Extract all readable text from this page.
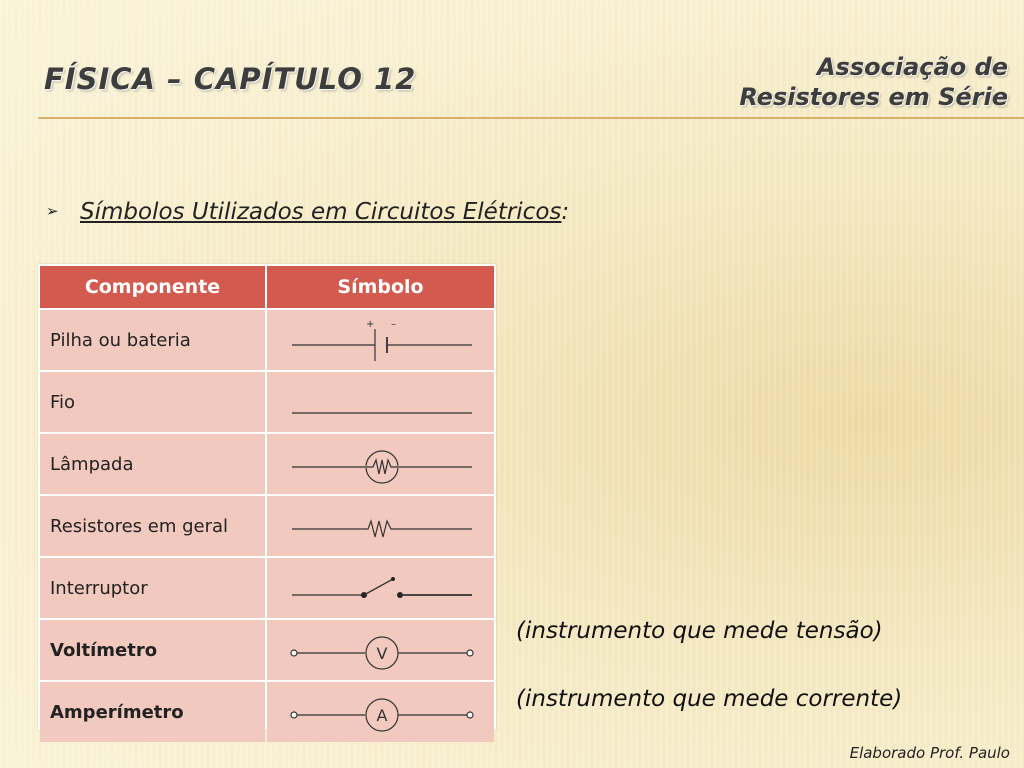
FÍSICA – CAPÍTULO 12	Associação de
Resistores em Série
➢ Símbolos Utilizados em Circuitos Elétricos:
Componente	Símbolo
Pilha ou bateria	+ –

Fio	

Lâmpada	

Resistores em geral	

Interruptor	

Voltímetro	V

Amperímetro	A
(instrumento que mede tensão)
(instrumento que mede corrente)
Elaborado Prof. Paulo
